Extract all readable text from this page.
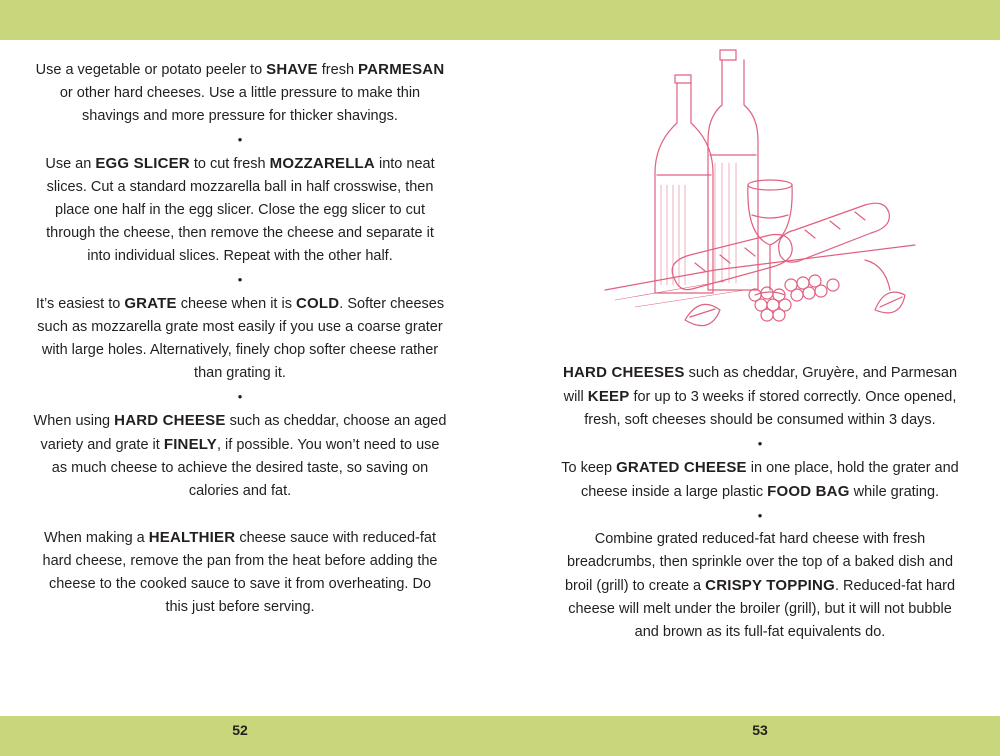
Use a vegetable or potato peeler to SHAVE fresh PARMESAN
or other hard cheeses. Use a little pressure to make thin
shavings and more pressure for thicker shavings.
•
Use an EGG SLICER to cut fresh MOZZARELLA into neat
slices. Cut a standard mozzarella ball in half crosswise, then
place one half in the egg slicer. Close the egg slicer to cut
through the cheese, then remove the cheese and separate it
into individual slices. Repeat with the other half.
•
It’s easiest to GRATE cheese when it is COLD. Softer cheeses
such as mozzarella grate most easily if you use a coarse grater
with large holes. Alternatively, finely chop softer cheese rather
than grating it.
•
When using HARD CHEESE such as cheddar, choose an aged
variety and grate it FINELY, if possible. You won’t need to use
as much cheese to achieve the desired taste, so saving on
calories and fat.
When making a HEALTHIER cheese sauce with reduced-fat
hard cheese, remove the pan from the heat before adding the
cheese to the cooked sauce to save it from overheating. Do
this just before serving.
HARD CHEESES such as cheddar, Gruyère, and Parmesan
will KEEP for up to 3 weeks if stored correctly. Once opened,
fresh, soft cheeses should be consumed within 3 days.
•
To keep GRATED CHEESE in one place, hold the grater and
cheese inside a large plastic FOOD BAG while grating.
•
Combine grated reduced-fat hard cheese with fresh
breadcrumbs, then sprinkle over the top of a baked dish and
broil (grill) to create a CRISPY TOPPING. Reduced-fat hard
cheese will melt under the broiler (grill), but it will not bubble
and brown as its full-fat equivalents do.
52	53
